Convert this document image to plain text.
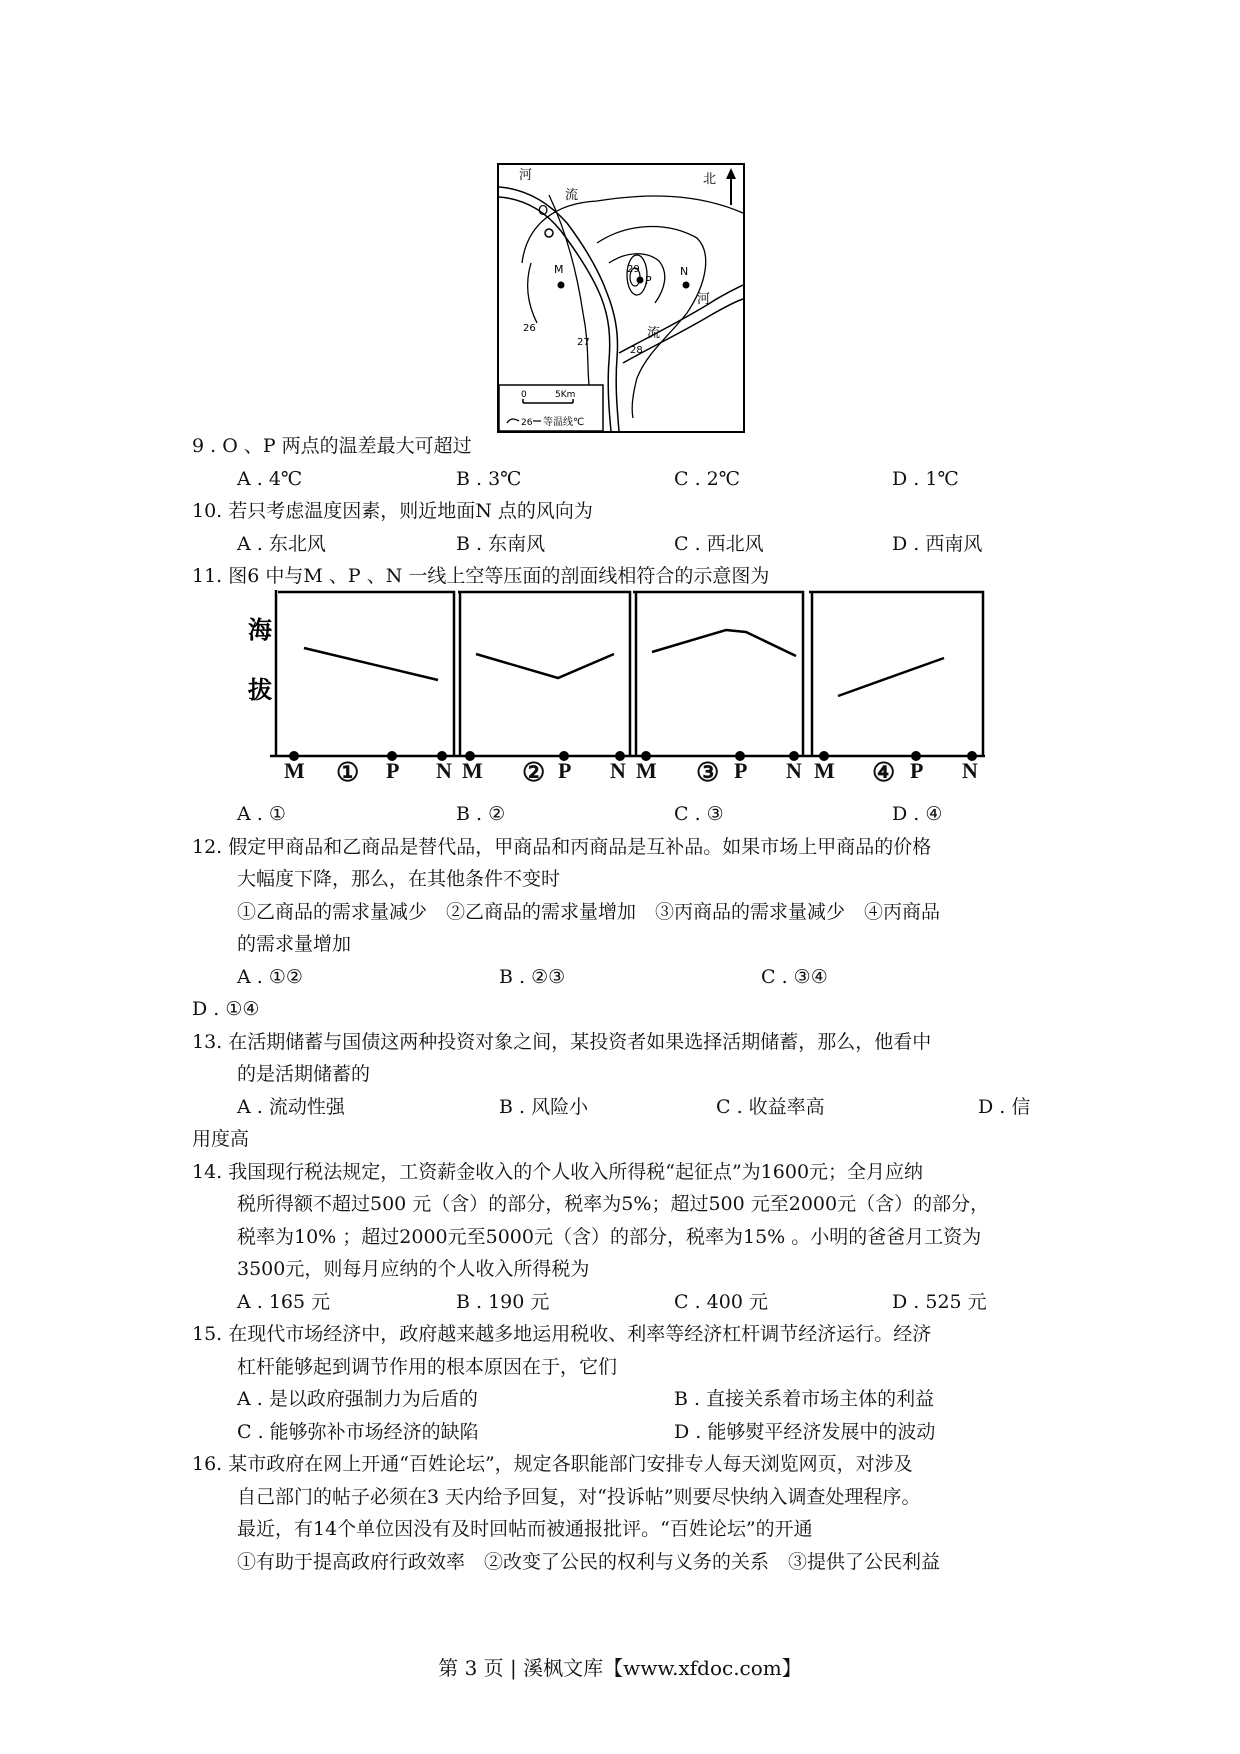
北
O
M
P
N
河
流
河
流
26
27
28
29
0	5Km
26 等温线℃
9 . O 、P 两点的温差最大可超过
A . 4℃	B . 3℃	C . 2℃	D . 1℃
10. 若只考虑温度因素，则近地面N 点的风向为
A . 东北风	B . 东南风	C . 西北风	D . 西南风
11. 图6 中与M 、P 、N 一线上空等压面的剖面线相符合的示意图为
海
拔
M ① P N M ② P N M ③ P N M ④ P N
A . ①	B . ②	C . ③	D . ④
12. 假定甲商品和乙商品是替代品，甲商品和丙商品是互补品。如果市场上甲商品的价格
大幅度下降，那么，在其他条件不变时
①乙商品的需求量减少　②乙商品的需求量增加　③丙商品的需求量减少　④丙商品
的需求量增加
A . ①②	B . ②③	C . ③④
D . ①④
13. 在活期储蓄与国债这两种投资对象之间，某投资者如果选择活期储蓄，那么，他看中
的是活期储蓄的
A . 流动性强	B . 风险小	C . 收益率高	D . 信
用度高
14. 我国现行税法规定，工资薪金收入的个人收入所得税“起征点”为1600元；全月应纳
税所得额不超过500 元（含）的部分，税率为5%；超过500 元至2000元（含）的部分，
税率为10% ；超过2000元至5000元（含）的部分，税率为15% 。小明的爸爸月工资为
3500元，则每月应纳的个人收入所得税为
A . 165 元	B . 190 元	C . 400 元	D . 525 元
15. 在现代市场经济中，政府越来越多地运用税收、利率等经济杠杆调节经济运行。经济
杠杆能够起到调节作用的根本原因在于，它们
A . 是以政府强制力为后盾的	B . 直接关系着市场主体的利益
C . 能够弥补市场经济的缺陷	D . 能够熨平经济发展中的波动
16. 某市政府在网上开通“百姓论坛”，规定各职能部门安排专人每天浏览网页，对涉及
自己部门的帖子必须在3 天内给予回复，对“投诉帖”则要尽快纳入调查处理程序。
最近，有14个单位因没有及时回帖而被通报批评。“百姓论坛”的开通
①有助于提高政府行政效率　②改变了公民的权利与义务的关系　③提供了公民利益
第 3 页 | 溪枫文库【www.xfdoc.com】
